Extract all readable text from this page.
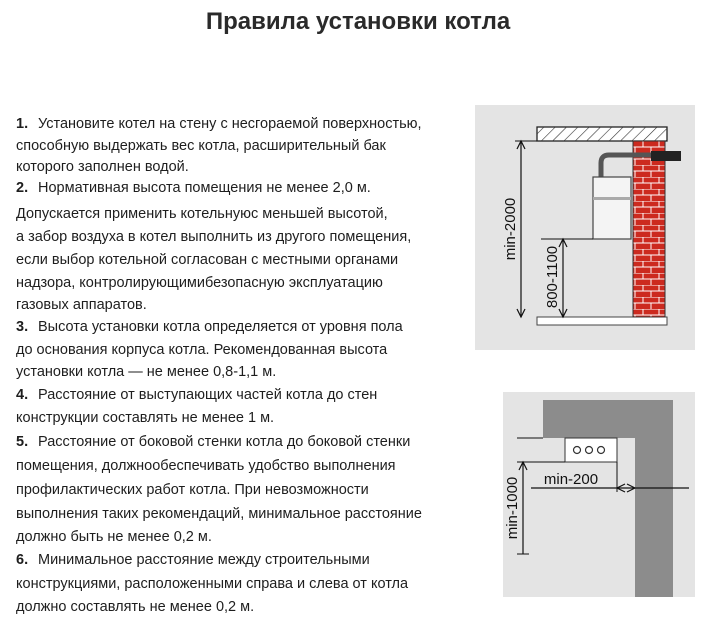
Правила установки котла
1. Установите котел на стену с несгораемой поверхностью,
способную выдержать вес котла, расширительный бак
которого заполнен водой.
2. Нормативная высота помещения не менее 2,0 м.
Допускается применить котельнуюс меньшей высотой,
а забор воздуха в котел выполнить из другого помещения,
если выбор котельной согласован с местными органами
надзора, контролирующимибезопасную эксплуатацию
газовых аппаратов.
3. Высота установки котла определяется от уровня пола
до основания корпуса котла. Рекомендованная высота
установки котла — не менее 0,8-1,1 м.
4. Расстояние от выступающих частей котла до стен
конструкции составлять не менее 1 м.
5. Расстояние от боковой стенки котла до боковой стенки
помещения, должнообеспечивать удобство выполнения
профилактических работ котла. При невозможности
выполнения таких рекомендаций, минимальное расстояние
должно быть не менее 0,2 м.
6. Минимальное расстояние между строительными
конструкциями, расположенными справа и слева от котла
должно составлять не менее 0,2 м.
min-2000
800-1100
min-1000 min-200
